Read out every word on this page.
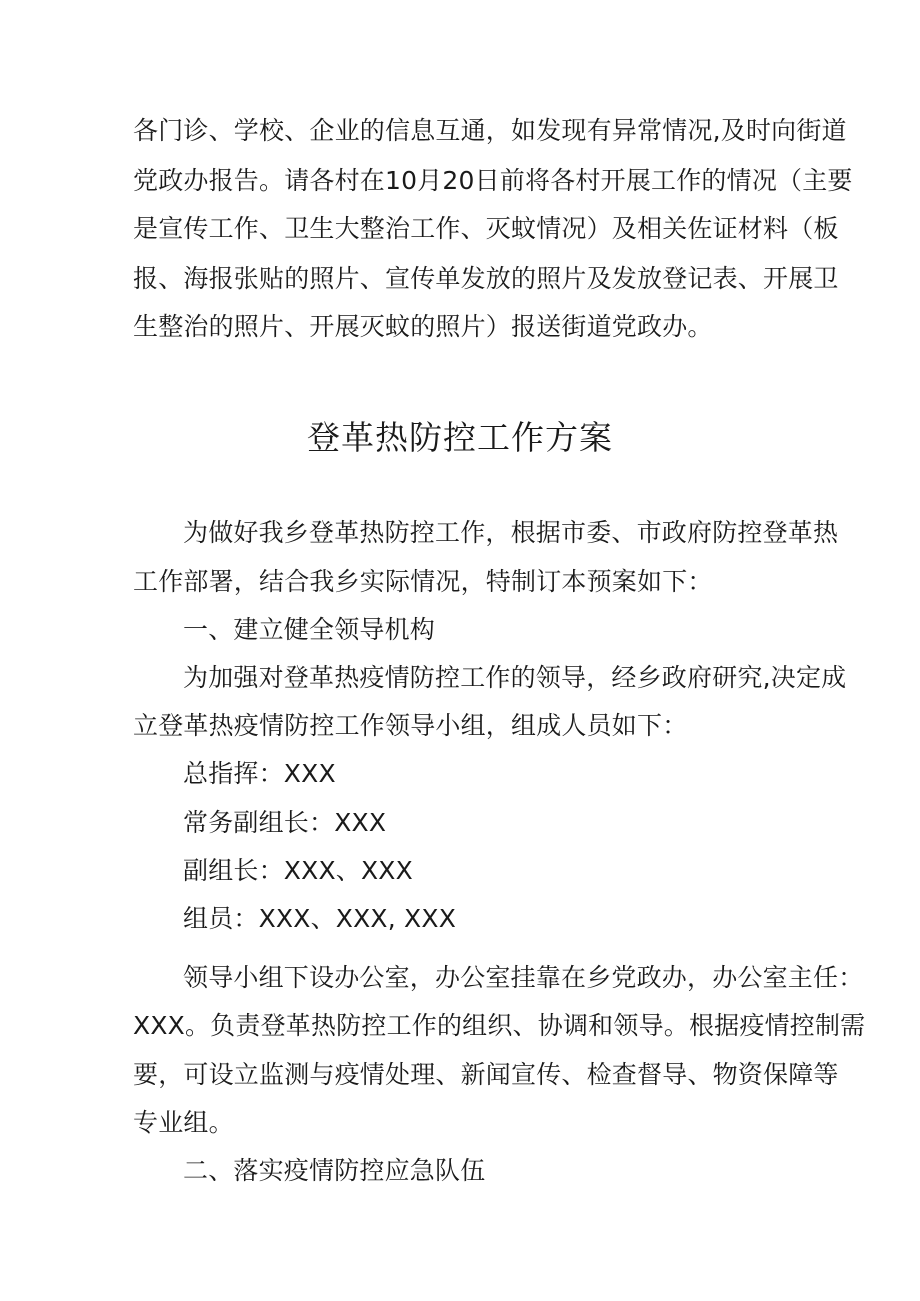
各门诊、学校、企业的信息互通，如发现有异常情况,及时向街道
党政办报告。请各村在10月20日前将各村开展工作的情况（主要
是宣传工作、卫生大整治工作、灭蚊情况）及相关佐证材料（板
报、海报张贴的照片、宣传单发放的照片及发放登记表、开展卫
生整治的照片、开展灭蚊的照片）报送街道党政办。
登革热防控工作方案
为做好我乡登革热防控工作，根据市委、市政府防控登革热
工作部署，结合我乡实际情况，特制订本预案如下：
一、建立健全领导机构
为加强对登革热疫情防控工作的领导，经乡政府研究,决定成
立登革热疫情防控工作领导小组，组成人员如下：
总指挥：XXX
常务副组长：XXX
副组长：XXX、XXX
组员：XXX、XXX, XXX
领导小组下设办公室，办公室挂靠在乡党政办，办公室主任：
XXX。负责登革热防控工作的组织、协调和领导。根据疫情控制需
要，可设立监测与疫情处理、新闻宣传、检查督导、物资保障等
专业组。
二、落实疫情防控应急队伍
